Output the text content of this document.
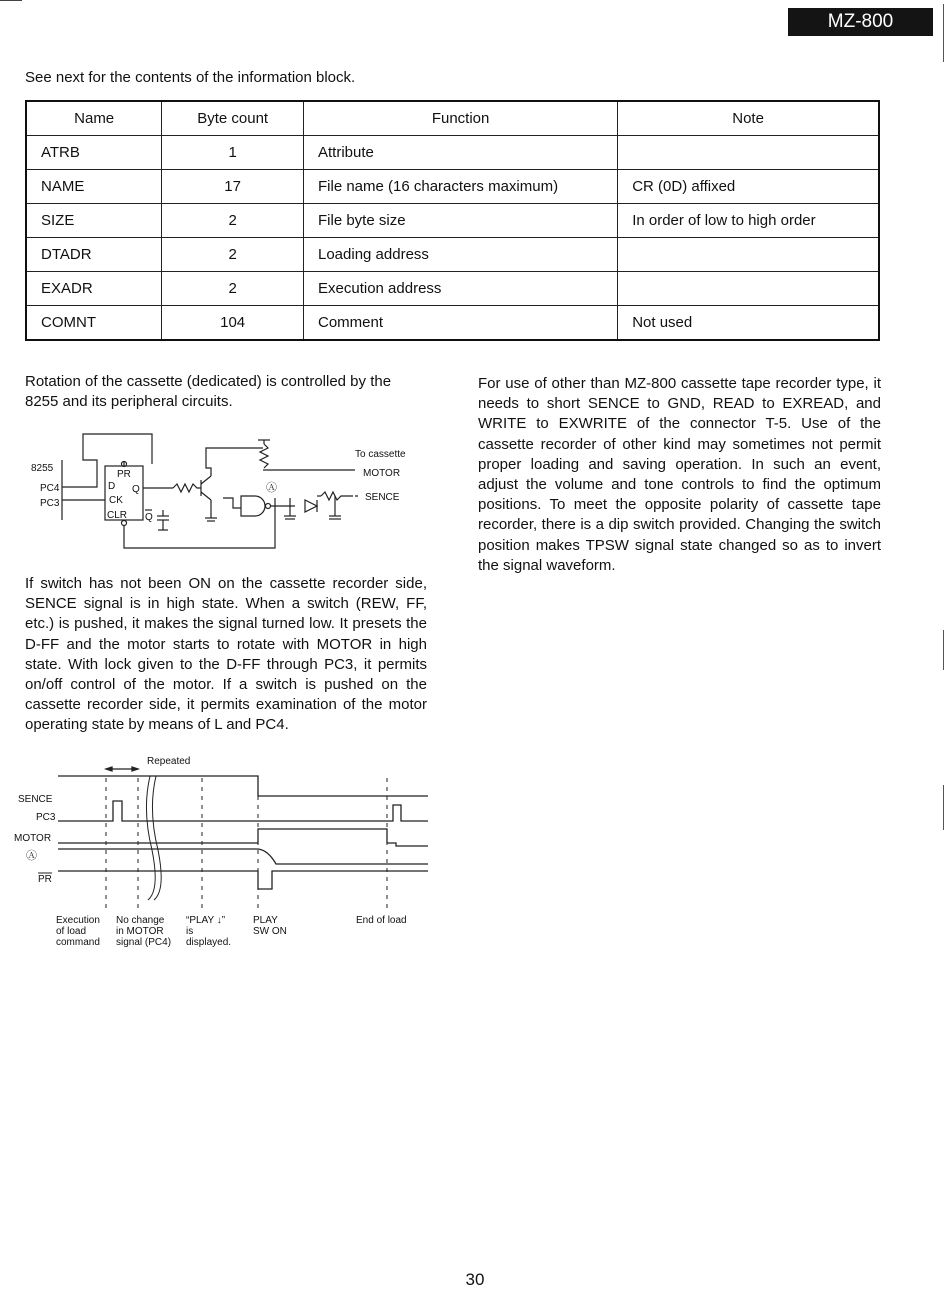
MZ-800
See next for the contents of the information block.
Name	Byte count	Function	Note
ATRB	1	Attribute	
NAME	17	File name (16 characters maximum)	CR (0D) affixed
SIZE	2	File byte size	In order of low to high order
DTADR	2	Loading address	
EXADR	2	Execution address	
COMNT	104	Comment	Not used
Rotation of the cassette (dedicated) is controlled by the 8255 and its peripheral circuits.
8255
PC4
PC3
PR
D Q
CK
CLR Q
To cassette
MOTOR
Ⓐ
SENCE
If switch has not been ON on the cassette recorder side, SENCE signal is in high state. When a switch (REW, FF, etc.) is pushed, it makes the signal turned low. It presets the D-FF and the motor starts to rotate with MOTOR in high state. With lock given to the D-FF through PC3, it permits on/off control of the motor. If a switch is pushed on the cassette recorder side, it permits examination of the motor operating state by means of L and PC4.
For use of other than MZ-800 cassette tape recorder type, it needs to short SENCE to GND, READ to EXREAD, and WRITE to EXWRITE of the connector T-5. Use of the cassette recorder of other kind may sometimes not permit proper loading and saving operation. In such an event, adjust the volume and tone controls to find the optimum positions. To meet the opposite polarity of cassette tape recorder, there is a dip switch provided. Changing the switch position makes TPSW signal state changed so as to invert the signal waveform.
Repeated
SENCE
PC3
MOTOR
Ⓐ
PR
Execution
of load
command
No change
in MOTOR
signal (PC4)
“PLAY ↓”
is
displayed.
PLAY
SW ON
End of load
30
